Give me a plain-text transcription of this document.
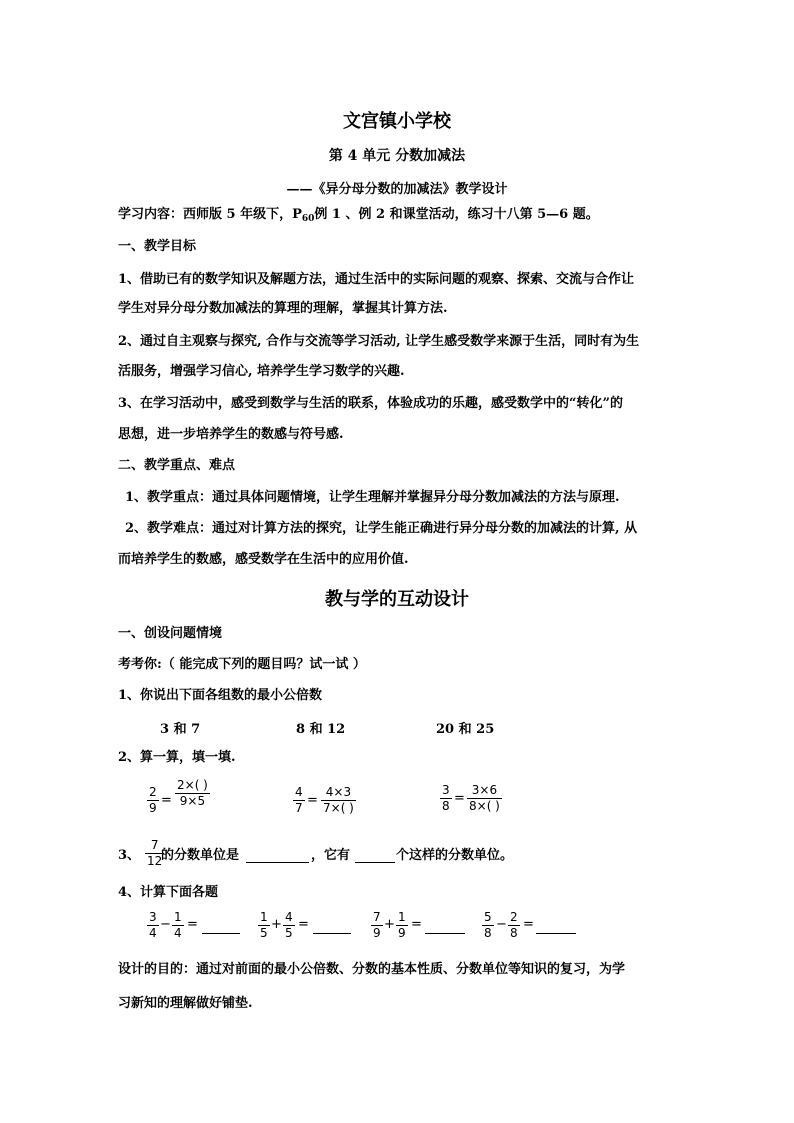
文宫镇小学校
第 4 单元 分数加减法
——《异分母分数的加减法》教学设计
学习内容：西师版 5 年级下，$P_{60}$例 1 、例 2 和课堂活动，练习十八第 5—6 题。
一、教学目标
1、借助已有的数学知识及解题方法，通过生活中的实际问题的观察、探索、交流与合作让
学生对异分母分数加减法的算理的理解，掌握其计算方法.
2、通过自主观察与探究, 合作与交流等学习活动, 让学生感受数学来源于生活，同时有为生
活服务，增强学习信心, 培养学生学习数学的兴趣.
3、在学习活动中，感受到数学与生活的联系，体验成功的乐趣，感受数学中的“转化”的
思想，进一步培养学生的数感与符号感.
二、教学重点、难点
1、教学重点：通过具体问题情境，让学生理解并掌握异分母分数加减法的方法与原理.
2、教学难点：通过对计算方法的探究，让学生能正确进行异分母分数的加减法的计算, 从
而培养学生的数感，感受数学在生活中的应用价值.
教与学的互动设计
一、创设问题情境
考考你:（ 能完成下列的题目吗？试一试 ）
1、你说出下面各组数的最小公倍数
3 和 7	8 和 12	20 和 25
2、算一算，填一填.
2
9 =
2×( )
9×5
4
7 =
4×3
7×( )
3
8 =
3×6
8×( )
3、
7
12
的分数单位是	，它有	个这样的分数单位。
4、计算下面各题
3
4
− 1
4
=	1
5
+ 4
5
=	7
9
+ 1
9
=	5
8
− 2
8
=
设计的目的：通过对前面的最小公倍数、分数的基本性质、分数单位等知识的复习，为学
习新知的理解做好铺垫.
